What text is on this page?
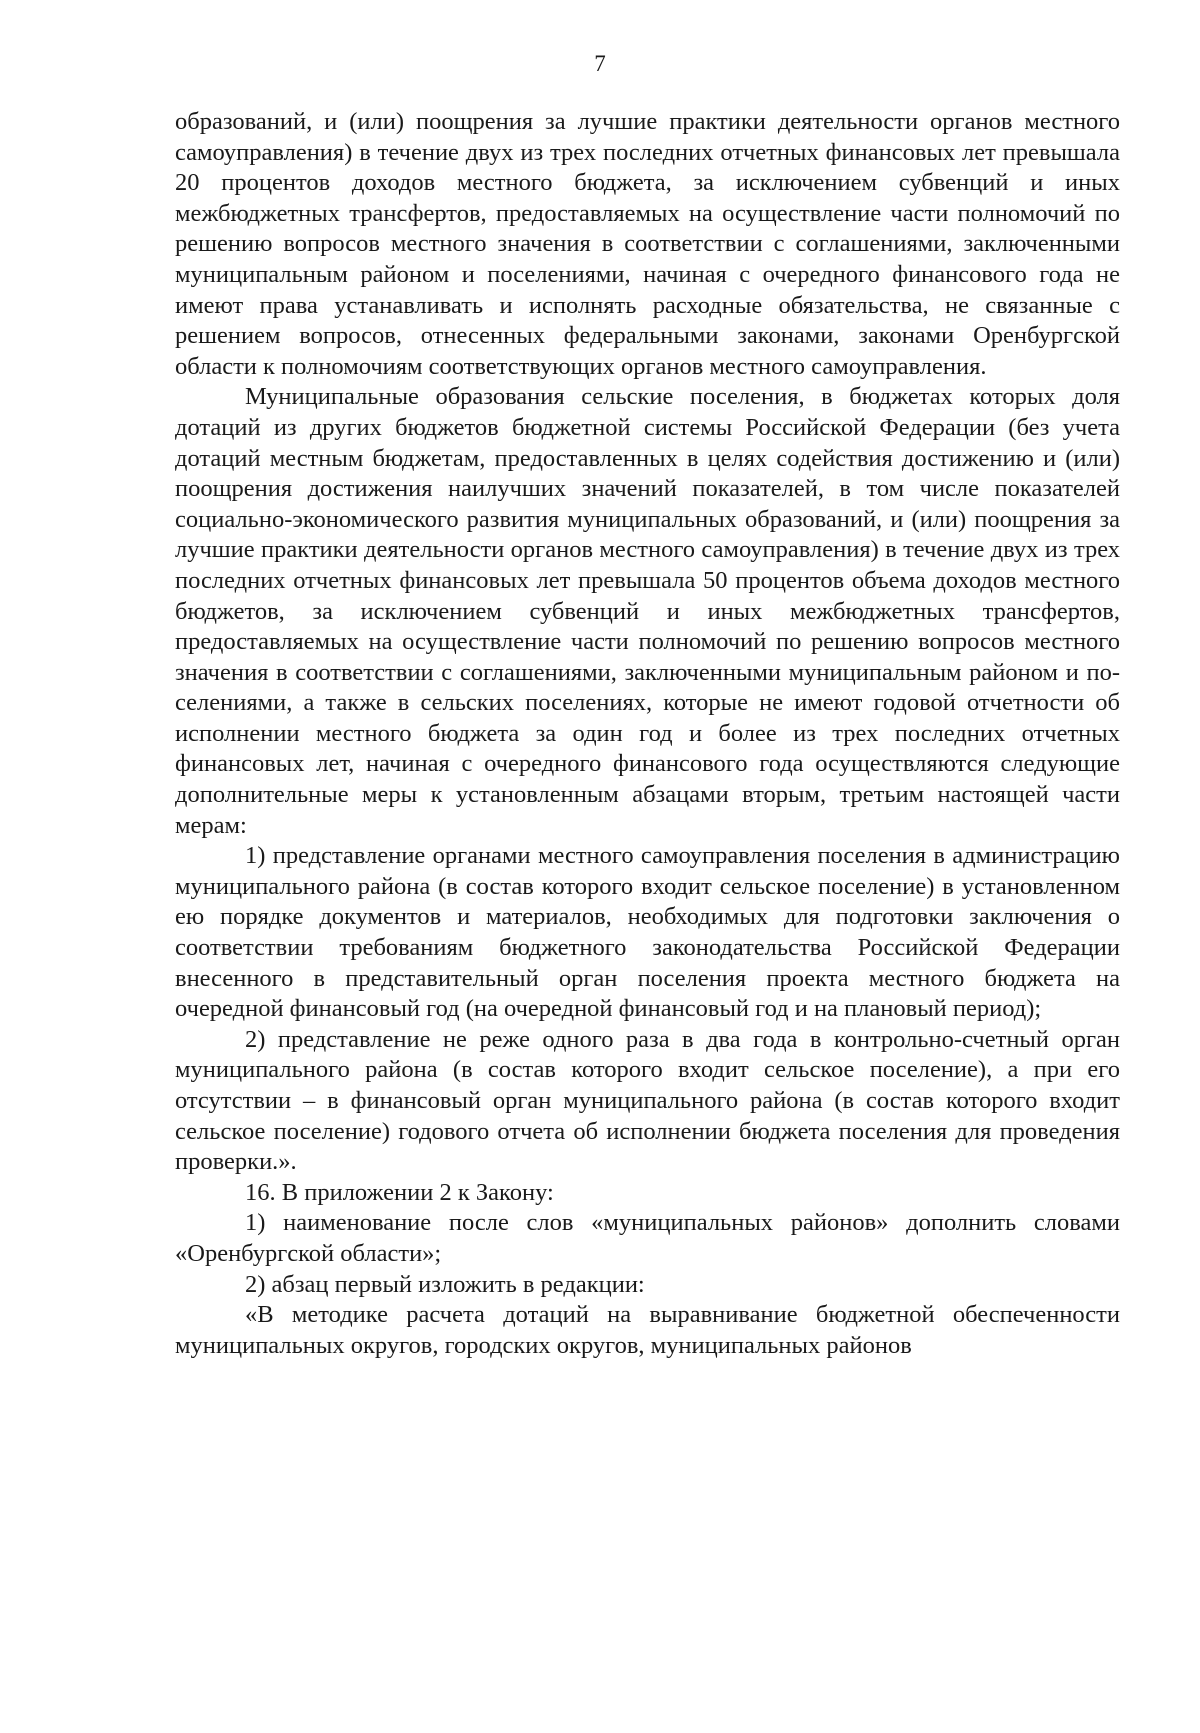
7

образований, и (или) поощрения за лучшие практики деятельности органов местного самоуправления) в течение двух из трех последних отчетных финансовых лет превышала 20 процентов доходов местного бюджета, за исключением субвенций и иных межбюджетных трансфертов, предоставляемых на осуществление части полномочий по решению вопросов местного значения в соответствии с соглашениями, заключенными муниципальным районом и поселениями, начиная с очередного финансового года не имеют права устанавливать и исполнять расходные обязательства, не связанные с решением вопросов, отнесенных федеральными законами, законами Оренбургской области к полномочиям соответствующих органов местного самоуправления.

Муниципальные образования сельские поселения, в бюджетах которых доля дотаций из других бюджетов бюджетной системы Российской Федерации (без учета дотаций местным бюджетам, предоставленных в целях содействия достижению и (или) поощрения достижения наилучших значений показателей, в том числе показателей социально-экономического развития муниципальных образований, и (или) поощрения за лучшие практики деятельности органов местного самоуправления) в течение двух из трех последних отчетных финансовых лет превышала 50 процентов объема доходов местного бюджетов, за исключением субвенций и иных межбюджетных трансфертов, предоставляемых на осуществление части полномочий по решению вопросов местного значения в соответствии с соглашениями, заключенными муниципальным районом и поселениями, а также в сельских поселениях, которые не имеют годовой отчетности об исполнении местного бюджета за один год и более из трех последних отчетных финансовых лет, начиная с очередного финансового года осуществляются следующие дополнительные меры к установленным абзацами вторым, третьим настоящей части мерам:

1) представление органами местного самоуправления поселения в администрацию муниципального района (в состав которого входит сельское поселение) в установленном ею порядке документов и материалов, необходимых для подготовки заключения о соответствии требованиям бюджетного законодательства Российской Федерации внесенного в представительный орган поселения проекта местного бюджета на очередной финансовый год (на очередной финансовый год и на плановый период);

2) представление не реже одного раза в два года в контрольно-счетный орган муниципального района (в состав которого входит сельское поселение), а при его отсутствии – в финансовый орган муниципального района (в состав которого входит сельское поселение) годового отчета об исполнении бюджета поселения для проведения проверки.».

16. В приложении 2 к Закону:

1) наименование после слов «муниципальных районов» дополнить словами «Оренбургской области»;

2) абзац первый изложить в редакции:

«В методике расчета дотаций на выравнивание бюджетной обеспеченности муниципальных округов, городских округов, муниципальных районов
